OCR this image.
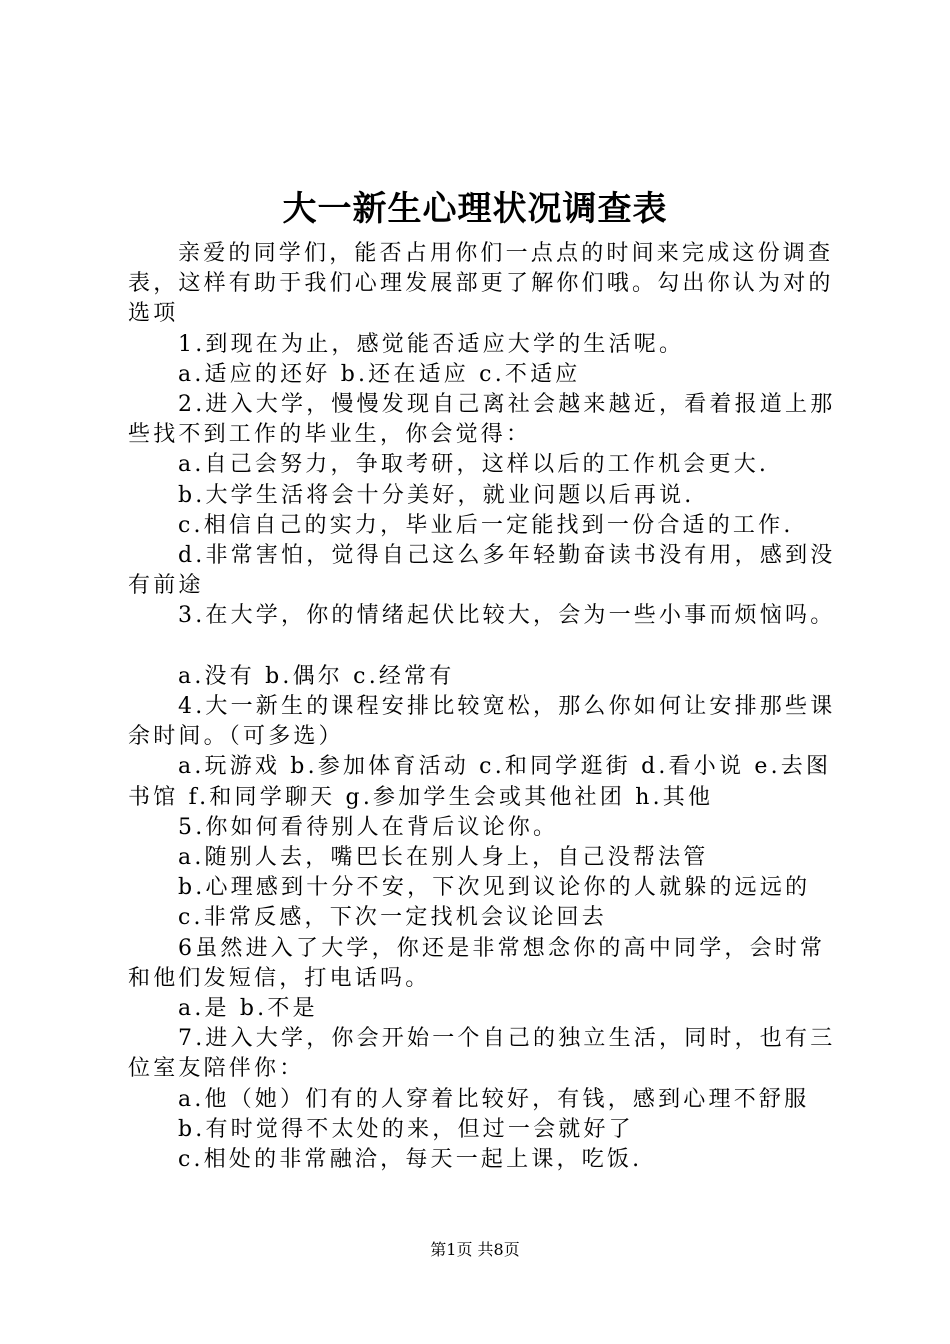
大一新生心理状况调查表

亲爱的同学们，能否占用你们一点点的时间来完成这份调查表，这样有助于我们心理发展部更了解你们哦。勾出你认为对的选项

1.到现在为止，感觉能否适应大学的生活呢。

a.适应的还好 b.还在适应 c.不适应

2.进入大学，慢慢发现自己离社会越来越近，看着报道上那些找不到工作的毕业生，你会觉得：

a.自己会努力，争取考研，这样以后的工作机会更大.

b.大学生活将会十分美好，就业问题以后再说.

c.相信自己的实力，毕业后一定能找到一份合适的工作.

d.非常害怕，觉得自己这么多年轻勤奋读书没有用，感到没有前途

3.在大学，你的情绪起伏比较大，会为一些小事而烦恼吗。

a.没有 b.偶尔 c.经常有

4.大一新生的课程安排比较宽松，那么你如何让安排那些课余时间。（可多选）

a.玩游戏 b.参加体育活动 c.和同学逛街 d.看小说 e.去图书馆 f.和同学聊天 g.参加学生会或其他社团 h.其他

5.你如何看待别人在背后议论你。

a.随别人去，嘴巴长在别人身上，自己没帮法管

b.心理感到十分不安，下次见到议论你的人就躲的远远的

c.非常反感，下次一定找机会议论回去

6虽然进入了大学，你还是非常想念你的高中同学，会时常和他们发短信，打电话吗。

a.是 b.不是

7.进入大学，你会开始一个自己的独立生活，同时，也有三位室友陪伴你：

a.他（她）们有的人穿着比较好，有钱，感到心理不舒服

b.有时觉得不太处的来，但过一会就好了

c.相处的非常融洽，每天一起上课，吃饭.

第1页 共8页
